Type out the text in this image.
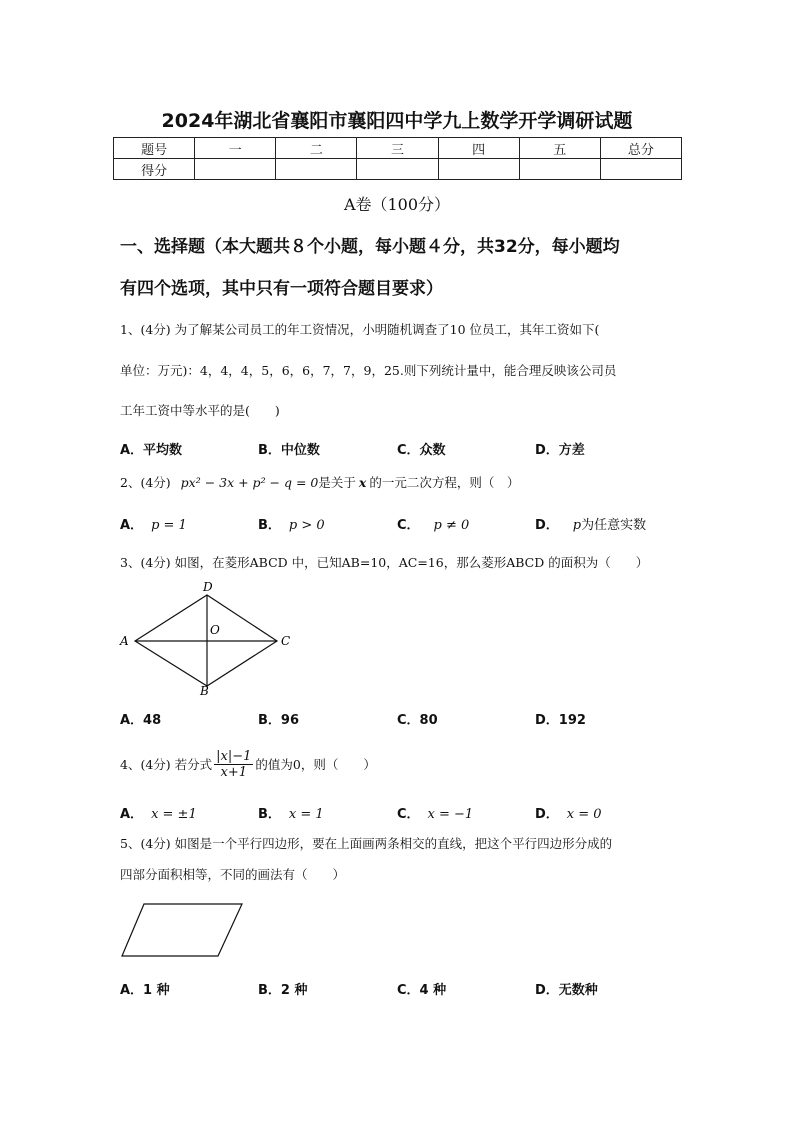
2024年湖北省襄阳市襄阳四中学九上数学开学调研试题
题号	一	二	三	四	五	总分
得分						
A卷（100分）
一、选择题（本大题共８个小题，每小题４分，共32分，每小题均
有四个选项，其中只有一项符合题目要求）
1、(4分) 为了解某公司员工的年工资情况，小明随机调查了10 位员工，其年工资如下(
单位：万元)：4，4，4，5，6，6，7，7，9，25.则下列统计量中，能合理反映该公司员
工年工资中等水平的是(　　)
A．平均数	B．中位数	C．众数	D．方差
2、(4分) px² − 3x + p² − q = 0是关于 x 的一元二次方程，则（　）
A． p = 1	B． p > 0	C． p ≠ 0	D． p为任意实数
3、(4分) 如图，在菱形ABCD 中，已知AB=10，AC=16，那么菱形ABCD 的面积为（　　）
D
A	C
O
B
A．48	B．96	C．80	D．192
4、(4分) 若分式 $\frac{|x|-1}{x+1}$ 的值为0，则（　　）
A． x = ±1	B． x = 1	C． x = −1	D． x = 0
5、(4分) 如图是一个平行四边形，要在上面画两条相交的直线，把这个平行四边形分成的
四部分面积相等，不同的画法有（　　）
A．1 种	B．2 种	C．4 种	D．无数种
